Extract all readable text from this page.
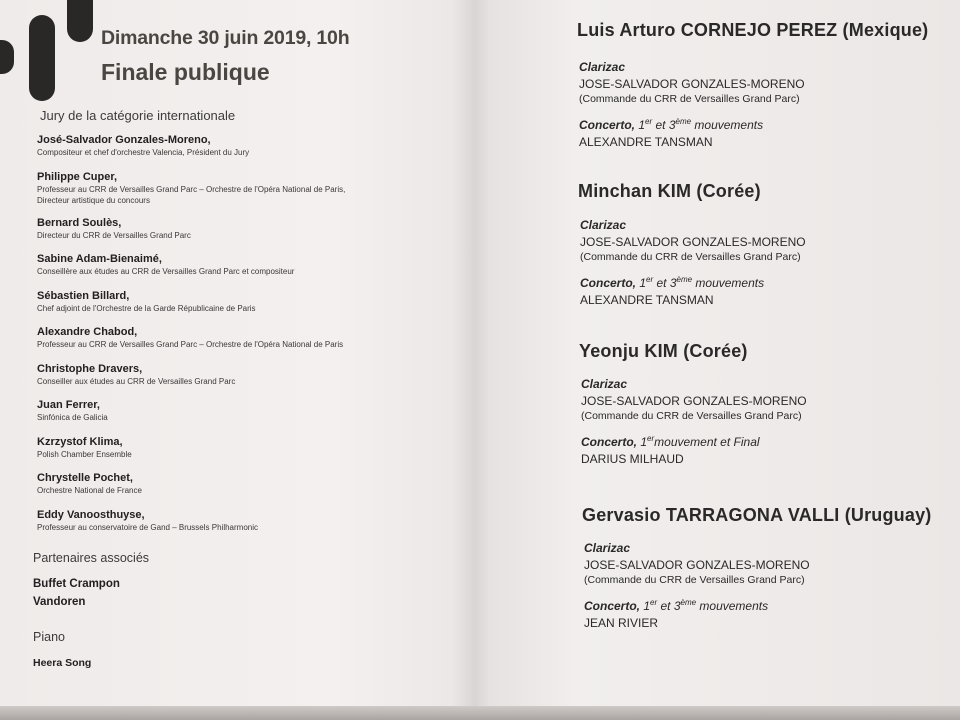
Dimanche 30 juin 2019, 10h
Finale publique
Jury de la catégorie internationale
José-Salvador Gonzales-Moreno,
Compositeur et chef d'orchestre Valencia, Président du Jury
Philippe Cuper,
Professeur au CRR de Versailles Grand Parc – Orchestre de l'Opéra National de Paris,
Directeur artistique du concours
Bernard Soulès,
Directeur du CRR de Versailles Grand Parc
Sabine Adam-Bienaimé,
Conseillère aux études au CRR de Versailles Grand Parc et compositeur
Sébastien Billard,
Chef adjoint de l'Orchestre de la Garde Républicaine de Paris
Alexandre Chabod,
Professeur au CRR de Versailles Grand Parc – Orchestre de l'Opéra National de Paris
Christophe Dravers,
Conseiller aux études au CRR de Versailles Grand Parc
Juan Ferrer,
Sinfónica de Galicia
Kzrzystof Klima,
Polish Chamber Ensemble
Chrystelle Pochet,
Orchestre National de France
Eddy Vanoosthuyse,
Professeur au conservatoire de Gand – Brussels Philharmonic
Partenaires associés
Buffet Crampon
Vandoren
Piano
Heera Song
Luis Arturo CORNEJO PEREZ (Mexique)
Clarizac
JOSE-SALVADOR GONZALES-MORENO
(Commande du CRR de Versailles Grand Parc)
Concerto, 1er et 3ème mouvements
ALEXANDRE TANSMAN
Minchan KIM (Corée)
Clarizac
JOSE-SALVADOR GONZALES-MORENO
(Commande du CRR de Versailles Grand Parc)
Concerto, 1er et 3ème mouvements
ALEXANDRE TANSMAN
Yeonju KIM (Corée)
Clarizac
JOSE-SALVADOR GONZALES-MORENO
(Commande du CRR de Versailles Grand Parc)
Concerto, 1ermouvement et Final
DARIUS MILHAUD
Gervasio TARRAGONA VALLI (Uruguay)
Clarizac
JOSE-SALVADOR GONZALES-MORENO
(Commande du CRR de Versailles Grand Parc)
Concerto, 1er et 3ème mouvements
JEAN RIVIER
